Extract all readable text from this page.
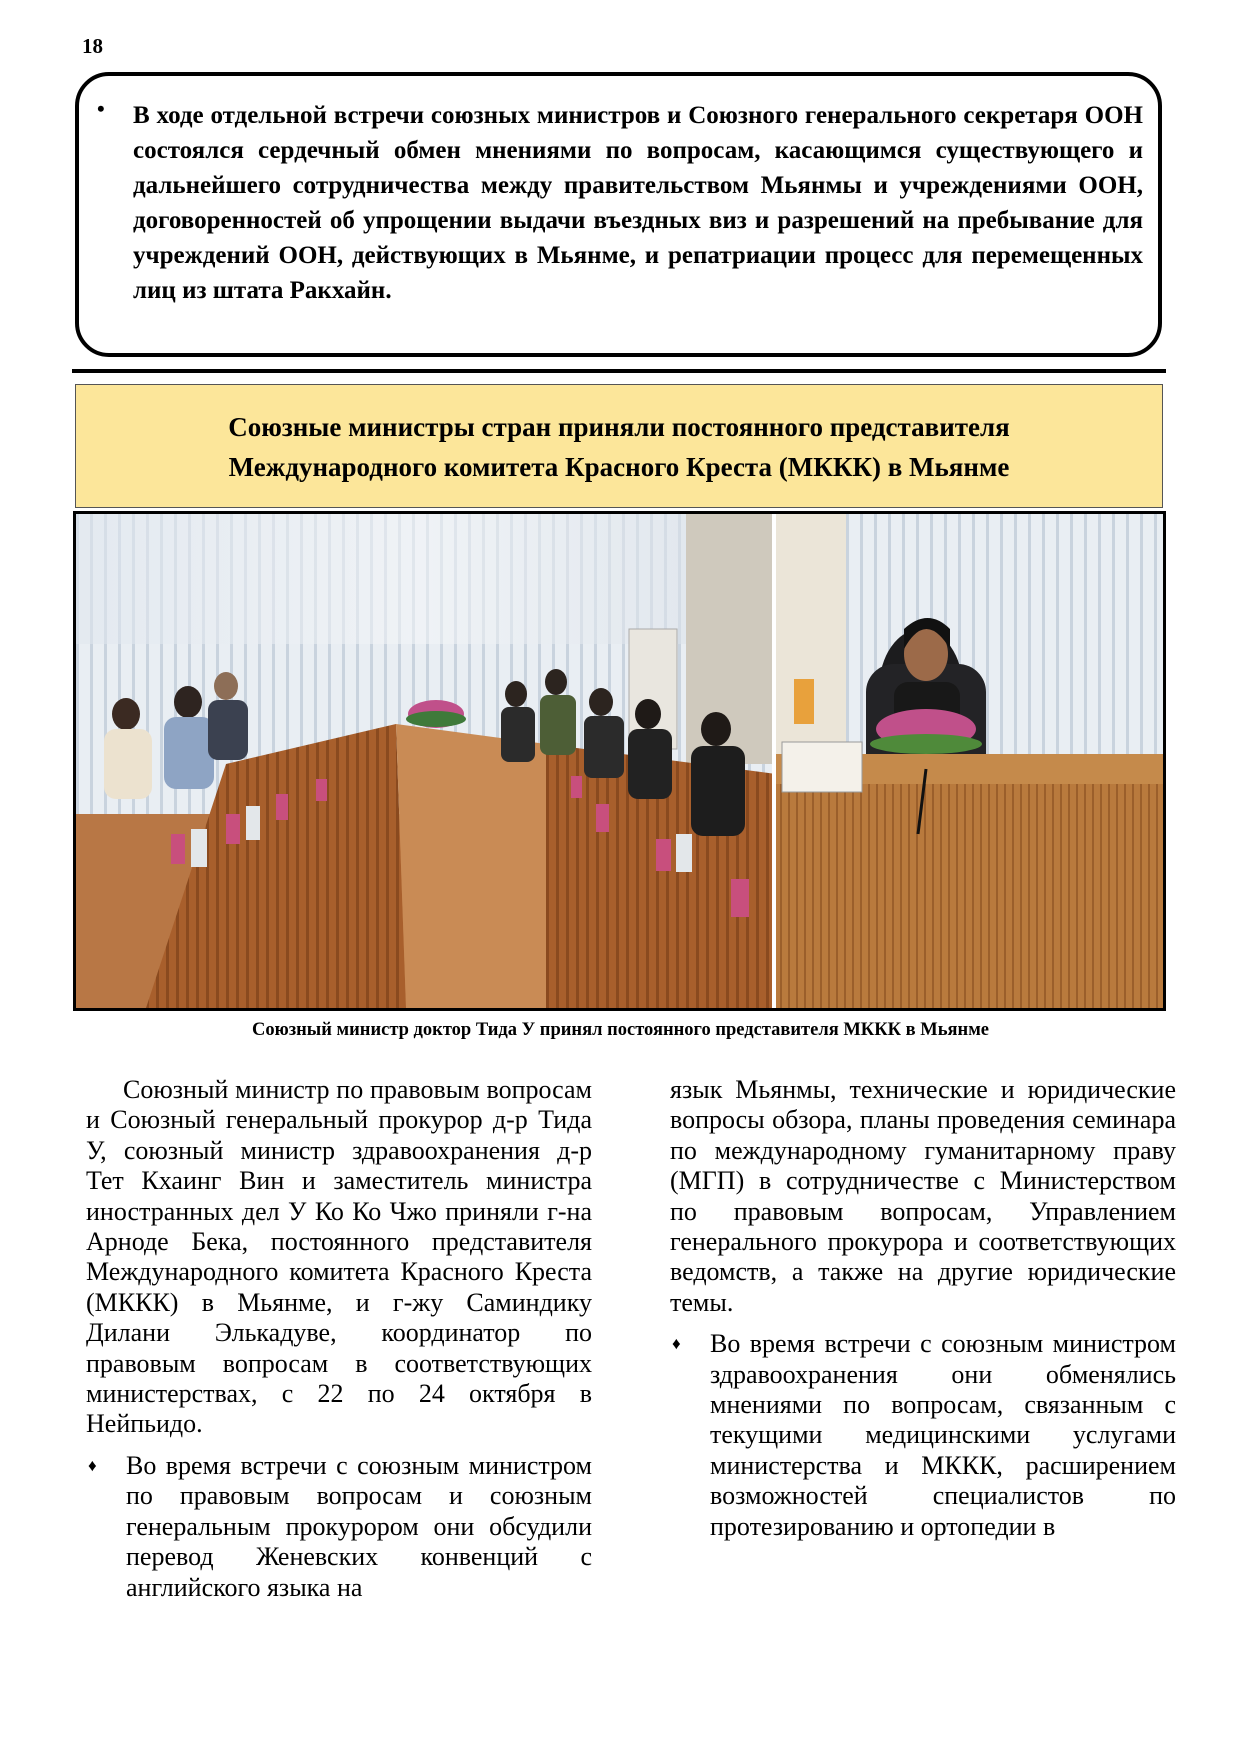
18
• В ходе отдельной встречи союзных министров и Союзного генерального секретаря ООН состоялся сердечный обмен мнениями по вопросам, касающимся существующего и дальнейшего сотрудничества между правительством Мьянмы и учреждениями ООН, договоренностей об упрощении выдачи въездных виз и разрешений на пребывание для учреждений ООН, действующих в Мьянме, и репатриации процесс для перемещенных лиц из штата Ракхайн.

Союзные министры стран приняли постоянного представителя
Международного комитета Красного Креста (МККК) в Мьянме
Союзный министр доктор Тида У принял постоянного представителя МККК в Мьянме

Союзный министр по правовым вопросам и Союзный генеральный прокурор д-р Тида У, союзный министр здравоохранения д-р Тет Кхаинг Вин и заместитель министра иностранных дел У Ко Ко Чжо приняли г-на Арноде Бека, постоянного представителя Международного комитета Красного Креста (МККК) в Мьянме, и г-жу Саминдику Дилани Элькадуве, координатор по правовым вопросам в соответствующих министерствах, с 22 по 24 октября в Нейпьидо.

♦ Во время встречи с союзным министром по правовым вопросам и союзным генеральным прокурором они обсудили перевод Женевских конвенций с английского языка на

язык Мьянмы, технические и юридические вопросы обзора, планы проведения семинара по международному гуманитарному праву (МГП) в сотрудничестве с Министерством по правовым вопросам, Управлением генерального прокурора и соответствующих ведомств, а также на другие юридические темы.

♦ Во время встречи с союзным министром здравоохранения они обменялись мнениями по вопросам, связанным с текущими медицинскими услугами министерства и МККК, расширением возможностей специалистов по протезированию и ортопедии в
